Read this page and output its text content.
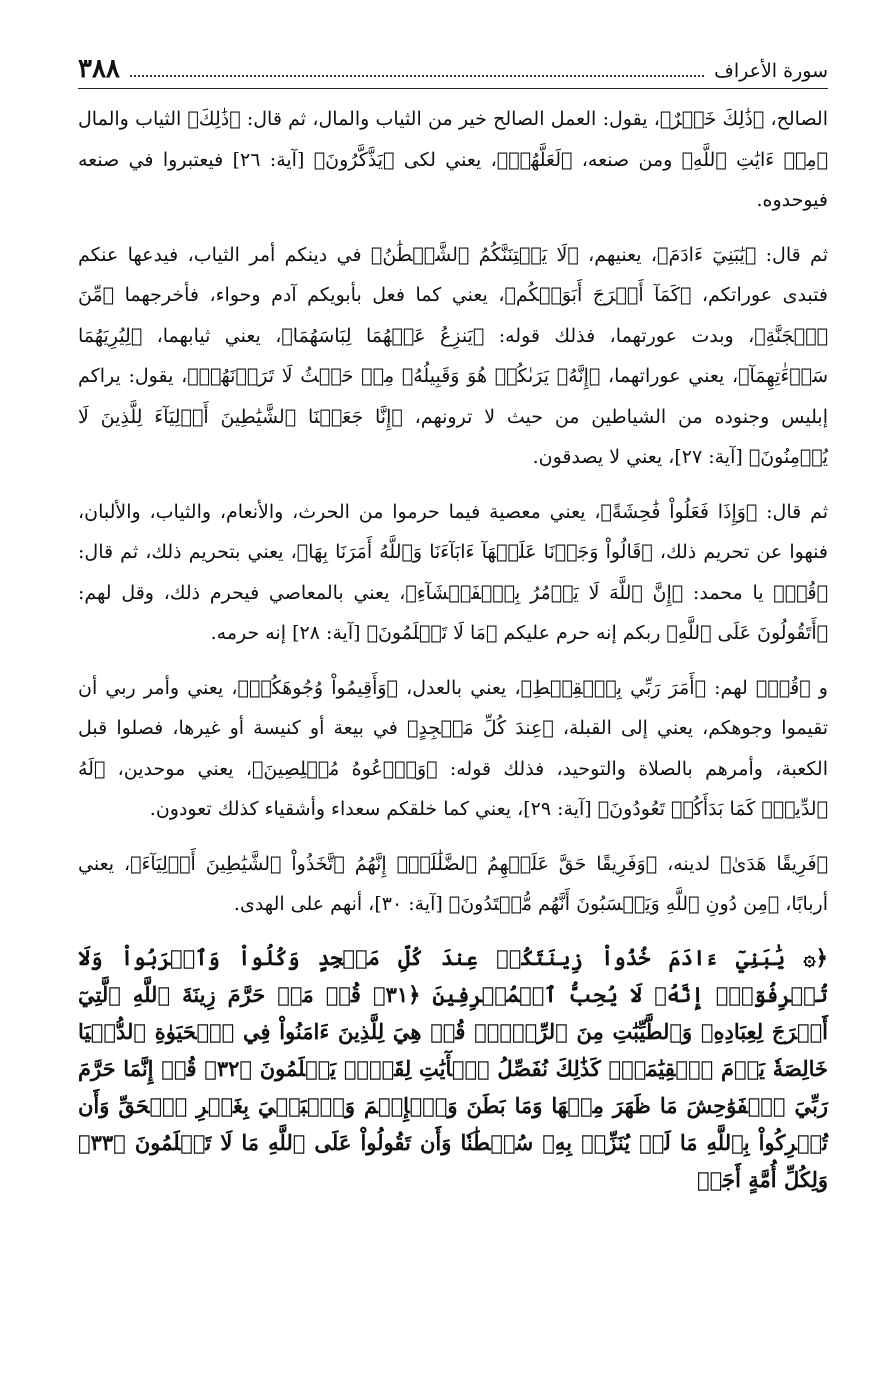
سورة الأعراف
٣٨٨
الصالح، ﴿ذَٰلِكَ خَيۡرٌ﴾، يقول: العمل الصالح خير من الثياب والمال، ثم قال: ﴿ذَٰلِكَ﴾ الثياب والمال ﴿مِنۡ ءَايَٰتِ ٱللَّهِ﴾ ومن صنعه، ﴿لَعَلَّهُمۡ﴾، يعني لكى ﴿يَذَّكَّرُونَ﴾ [آية: ٢٦] فيعتبروا في صنعه فيوحدوه.
ثم قال: ﴿يَٰبَنِيٓ ءَادَمَ﴾، يعنيهم، ﴿لَا يَفۡتِنَنَّكُمُ ٱلشَّيۡطَٰنُ﴾ في دينكم أمر الثياب، فيدعها عنكم فتبدى عوراتكم، ﴿كَمَآ أَخۡرَجَ أَبَوَيۡكُم﴾، يعني كما فعل بأبويكم آدم وحواء، فأخرجهما ﴿مِّنَ ٱلۡجَنَّةِ﴾، وبدت عورتهما، فذلك قوله: ﴿يَنزِعُ عَنۡهُمَا لِبَاسَهُمَا﴾، يعني ثيابهما، ﴿لِيُرِيَهُمَا سَوۡءَٰتِهِمَآ﴾، يعني عوراتهما، ﴿إِنَّهُۥ يَرَىٰكُمۡ هُوَ وَقَبِيلُهُۥ مِنۡ حَيۡثُ لَا تَرَوۡنَهُمۡ﴾، يقول: يراكم إبليس وجنوده من الشياطين من حيث لا ترونهم، ﴿إِنَّا جَعَلۡنَا ٱلشَّيَٰطِينَ أَوۡلِيَآءَ لِلَّذِينَ لَا يُؤۡمِنُونَ﴾ [آية: ٢٧]، يعني لا يصدقون.
ثم قال: ﴿وَإِذَا فَعَلُواْ فَٰحِشَةً﴾، يعني معصية فيما حرموا من الحرث، والأنعام، والثياب، والألبان، فنهوا عن تحريم ذلك، ﴿قَالُواْ وَجَدۡنَا عَلَيۡهَآ ءَابَآءَنَا وَٱللَّهُ أَمَرَنَا بِهَا﴾، يعني بتحريم ذلك، ثم قال: ﴿قُلۡ﴾ يا محمد: ﴿إِنَّ ٱللَّهَ لَا يَأۡمُرُ بِٱلۡفَحۡشَآءِ﴾، يعني بالمعاصي فيحرم ذلك، وقل لهم: ﴿أَتَقُولُونَ عَلَى ٱللَّهِ﴾ ربكم إنه حرم عليكم ﴿مَا لَا تَعۡلَمُونَ﴾ [آية: ٢٨] إنه حرمه.
و ﴿قُلۡ﴾ لهم: ﴿أَمَرَ رَبِّي بِٱلۡقِسۡطِ﴾، يعني بالعدل، ﴿وَأَقِيمُواْ وُجُوهَكُمۡ﴾، يعني وأمر ربي أن تقيموا وجوهكم، يعني إلى القبلة، ﴿عِندَ كُلِّ مَسۡجِدٍ﴾ في بيعة أو كنيسة أو غيرها، فصلوا قبل الكعبة، وأمرهم بالصلاة والتوحيد، فذلك قوله: ﴿وَٱدۡعُوهُ مُخۡلِصِينَ﴾، يعني موحدين، ﴿لَهُ ٱلدِّينَۚ كَمَا بَدَأَكُمۡ تَعُودُونَ﴾ [آية: ٢٩]، يعني كما خلقكم سعداء وأشقياء كذلك تعودون.
﴿فَرِيقًا هَدَىٰ﴾ لدينه، ﴿وَفَرِيقًا حَقَّ عَلَيۡهِمُ ٱلضَّلَٰلَةُۚ إِنَّهُمُ ٱتَّخَذُواْ ٱلشَّيَٰطِينَ أَوۡلِيَآءَ﴾، يعني أربابًا، ﴿مِن دُونِ ٱللَّهِ وَيَحۡسَبُونَ أَنَّهُم مُّهۡتَدُونَ﴾ [آية: ٣٠]، أنهم على الهدى.
﴿۞ يَٰبَنِيٓ ءَادَمَ خُذُواْ زِينَتَكُمۡ عِندَ كُلِّ مَسۡجِدٍ وَكُلُواْ وَٱشۡرَبُواْ وَلَا تُسۡرِفُوٓاْۚ إِنَّهُۥ لَا يُحِبُّ ٱلۡمُسۡرِفِينَ ﴿٣١﴾ قُلۡ مَنۡ حَرَّمَ زِينَةَ ٱللَّهِ ٱلَّتِيٓ أَخۡرَجَ لِعِبَادِهِۦ وَٱلطَّيِّبَٰتِ مِنَ ٱلرِّزۡقِۚ قُلۡ هِيَ لِلَّذِينَ ءَامَنُواْ فِي ٱلۡحَيَوٰةِ ٱلدُّنۡيَا خَالِصَةٗ يَوۡمَ ٱلۡقِيَٰمَةِۗ كَذَٰلِكَ نُفَصِّلُ ٱلۡأٓيَٰتِ لِقَوۡمٖ يَعۡلَمُونَ ﴿٣٢﴾ قُلۡ إِنَّمَا حَرَّمَ رَبِّيَ ٱلۡفَوَٰحِشَ مَا ظَهَرَ مِنۡهَا وَمَا بَطَنَ وَٱلۡإِثۡمَ وَٱلۡبَغۡيَ بِغَيۡرِ ٱلۡحَقِّ وَأَن تُشۡرِكُواْ بِٱللَّهِ مَا لَمۡ يُنَزِّلۡ بِهِۦ سُلۡطَٰنٗا وَأَن تَقُولُواْ عَلَى ٱللَّهِ مَا لَا تَعۡلَمُونَ ﴿٣٣﴾ وَلِكُلِّ أُمَّةٍ أَجَلٞ
